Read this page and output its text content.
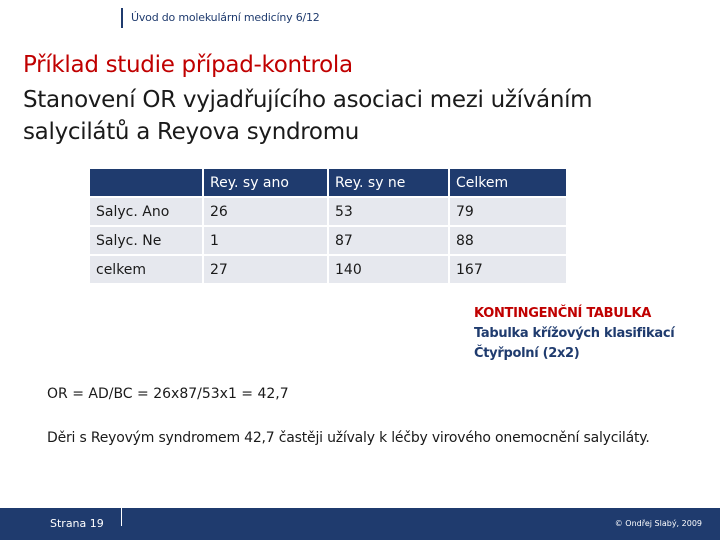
Úvod do molekulární medicíny 6/12
Příklad studie případ-kontrola
Stanovení OR vyjadřujícího asociaci mezi užíváním salycilátů a Reyova syndromu
	Rey. sy ano	Rey. sy ne	Celkem
Salyc. Ano	26	53	79
Salyc. Ne	1	87	88
celkem	27	140	167
KONTINGENČNÍ TABULKA
Tabulka křížových klasifikací
Čtyřpolní (2x2)
OR = AD/BC = 26x87/53x1 = 42,7
Děri s Reyovým syndromem 42,7 častěji užívaly k léčby virového onemocnění salyciláty.
Strana 19	© Ondřej Slabý, 2009
